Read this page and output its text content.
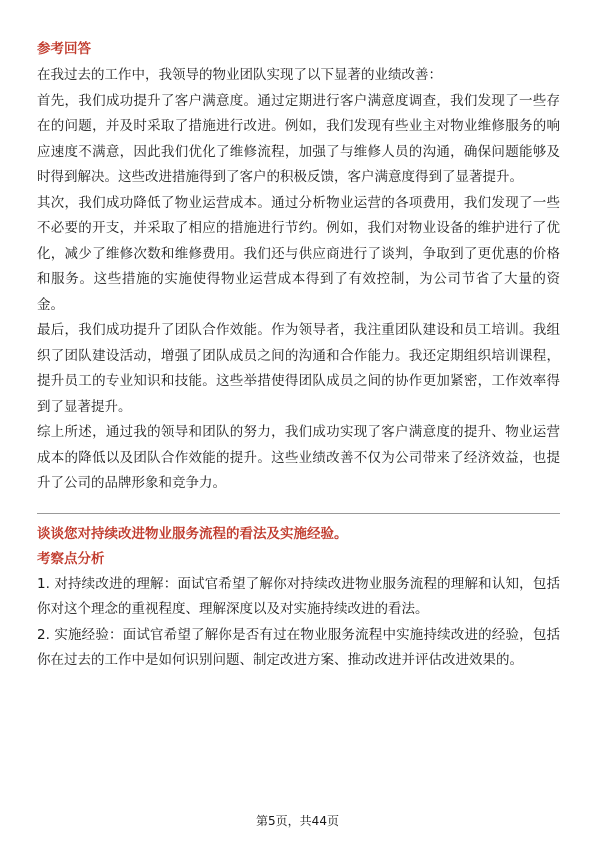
参考回答

在我过去的工作中，我领导的物业团队实现了以下显著的业绩改善：

首先，我们成功提升了客户满意度。通过定期进行客户满意度调查，我们发现了一些存在的问题，并及时采取了措施进行改进。例如，我们发现有些业主对物业维修服务的响应速度不满意，因此我们优化了维修流程，加强了与维修人员的沟通，确保问题能够及时得到解决。这些改进措施得到了客户的积极反馈，客户满意度得到了显著提升。

其次，我们成功降低了物业运营成本。通过分析物业运营的各项费用，我们发现了一些不必要的开支，并采取了相应的措施进行节约。例如，我们对物业设备的维护进行了优化，减少了维修次数和维修费用。我们还与供应商进行了谈判，争取到了更优惠的价格和服务。这些措施的实施使得物业运营成本得到了有效控制，为公司节省了大量的资金。

最后，我们成功提升了团队合作效能。作为领导者，我注重团队建设和员工培训。我组织了团队建设活动，增强了团队成员之间的沟通和合作能力。我还定期组织培训课程，提升员工的专业知识和技能。这些举措使得团队成员之间的协作更加紧密，工作效率得到了显著提升。

综上所述，通过我的领导和团队的努力，我们成功实现了客户满意度的提升、物业运营成本的降低以及团队合作效能的提升。这些业绩改善不仅为公司带来了经济效益，也提升了公司的品牌形象和竞争力。

谈谈您对持续改进物业服务流程的看法及实施经验。
考察点分析

1. 对持续改进的理解：面试官希望了解你对持续改进物业服务流程的理解和认知，包括你对这个理念的重视程度、理解深度以及对实施持续改进的看法。

2. 实施经验：面试官希望了解你是否有过在物业服务流程中实施持续改进的经验，包括你在过去的工作中是如何识别问题、制定改进方案、推动改进并评估改进效果的。

第5页，共44页
